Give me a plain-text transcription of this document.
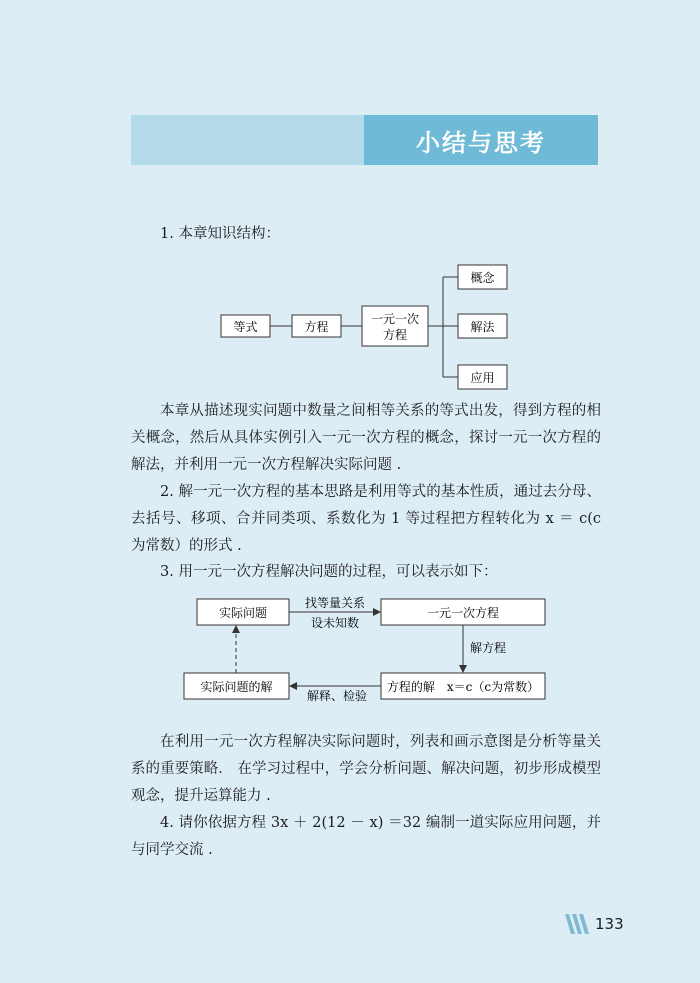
小结与思考
1. 本章知识结构：
等式	方程
一元一次
方程
概念
解法
应用
本章从描述现实问题中数量之间相等关系的等式出发，得到方程的相关概念，然后从具体实例引入一元一次方程的概念，探讨一元一次方程的解法，并利用一元一次方程解决实际问题 .
2. 解一元一次方程的基本思路是利用等式的基本性质，通过去分母、去括号、移项、合并同类项、系数化为 1 等过程把方程转化为 x ＝ c(c 为常数）的形式 .
3. 用一元一次方程解决问题的过程，可以表示如下：
实际问题	一元一次方程
方程的解　x＝c（c为常数）
实际问题的解
找等量关系
设未知数
解方程
解释、检验
在利用一元一次方程解决实际问题时，列表和画示意图是分析等量关系的重要策略． 在学习过程中，学会分析问题、解决问题，初步形成模型观念，提升运算能力 .
4. 请你依据方程 3x ＋ 2(12 － x) ＝32 编制一道实际应用问题，并与同学交流 .
133
